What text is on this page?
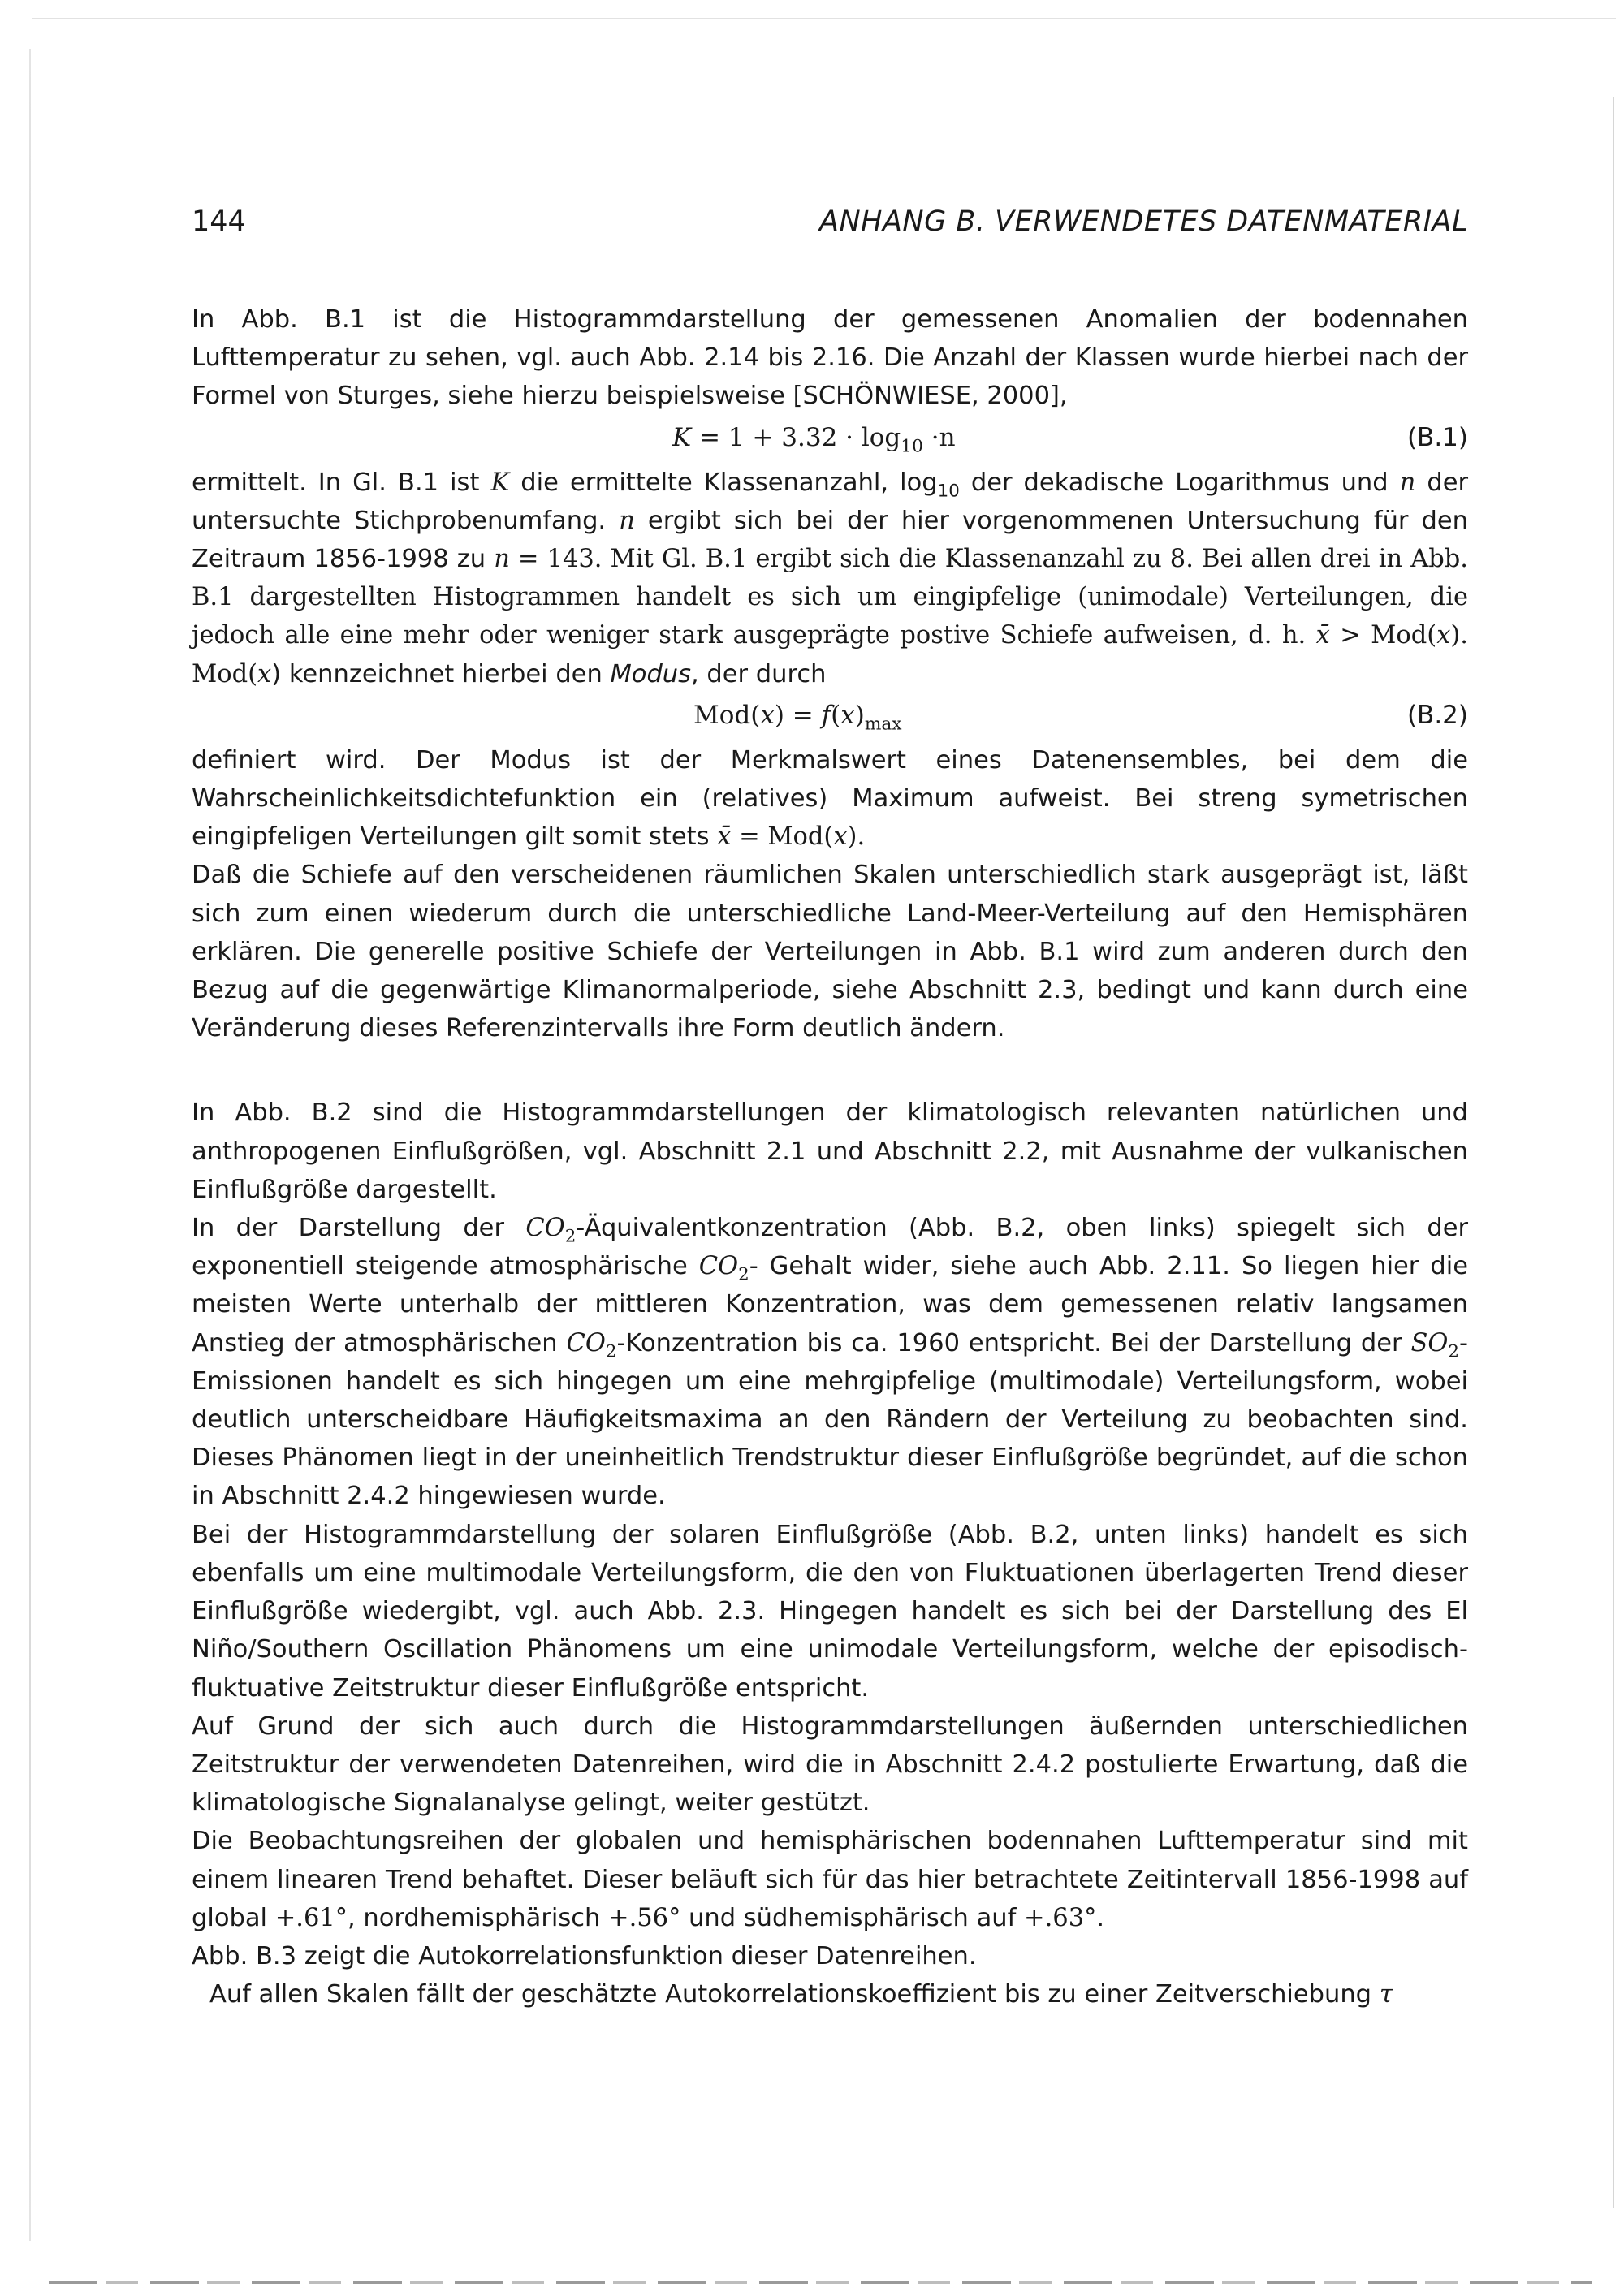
144	ANHANG B. VERWENDETES DATENMATERIAL

In Abb. B.1 ist die Histogrammdarstellung der gemessenen Anomalien der bodennahen Lufttemperatur zu sehen, vgl. auch Abb. 2.14 bis 2.16. Die Anzahl der Klassen wurde hierbei nach der Formel von Sturges, siehe hierzu beispielsweise [SCHÖNWIESE, 2000],

$K = 1 + 3.32 \cdot \log_{10} \cdot n$	(B.1)

ermittelt. In Gl. B.1 ist K die ermittelte Klassenanzahl, $\log_{10}$ der dekadische Logarithmus und n der untersuchte Stichprobenumfang. n ergibt sich bei der hier vorgenommenen Untersuchung für den Zeitraum 1856-1998 zu n = 143. Mit Gl. B.1 ergibt sich die Klassenanzahl zu 8. Bei allen drei in Abb. B.1 dargestellten Histogrammen handelt es sich um eingipfelige (unimodale) Verteilungen, die jedoch alle eine mehr oder weniger stark ausgeprägte postive Schiefe aufweisen, d. h. x̄ > Mod(x). Mod(x) kennzeichnet hierbei den Modus, der durch

$Mod(x) = f(x)_{max}$	(B.2)

definiert wird. Der Modus ist der Merkmalswert eines Datenensembles, bei dem die Wahrscheinlichkeitsdichtefunktion ein (relatives) Maximum aufweist. Bei streng symetrischen eingipfeligen Verteilungen gilt somit stets x̄ = Mod(x).

Daß die Schiefe auf den verscheidenen räumlichen Skalen unterschiedlich stark ausgeprägt ist, läßt sich zum einen wiederum durch die unterschiedliche Land-Meer-Verteilung auf den Hemisphären erklären. Die generelle positive Schiefe der Verteilungen in Abb. B.1 wird zum anderen durch den Bezug auf die gegenwärtige Klimanormalperiode, siehe Abschnitt 2.3, bedingt und kann durch eine Veränderung dieses Referenzintervalls ihre Form deutlich ändern.

In Abb. B.2 sind die Histogrammdarstellungen der klimatologisch relevanten natürlichen und anthropogenen Einflußgrößen, vgl. Abschnitt 2.1 und Abschnitt 2.2, mit Ausnahme der vulkanischen Einflußgröße dargestellt.

In der Darstellung der $CO_2$-Äquivalentkonzentration (Abb. B.2, oben links) spiegelt sich der exponentiell steigende atmosphärische $CO_2-$ Gehalt wider, siehe auch Abb. 2.11. So liegen hier die meisten Werte unterhalb der mittleren Konzentration, was dem gemessenen relativ langsamen Anstieg der atmosphärischen $CO_2$-Konzentration bis ca. 1960 entspricht. Bei der Darstellung der $SO_2$-Emissionen handelt es sich hingegen um eine mehrgipfelige (multimodale) Verteilungsform, wobei deutlich unterscheidbare Häufigkeitsmaxima an den Rändern der Verteilung zu beobachten sind. Dieses Phänomen liegt in der uneinheitlich Trendstruktur dieser Einflußgröße begründet, auf die schon in Abschnitt 2.4.2 hingewiesen wurde.

Bei der Histogrammdarstellung der solaren Einflußgröße (Abb. B.2, unten links) handelt es sich ebenfalls um eine multimodale Verteilungsform, die den von Fluktuationen überlagerten Trend dieser Einflußgröße wiedergibt, vgl. auch Abb. 2.3. Hingegen handelt es sich bei der Darstellung des El Niño/Southern Oscillation Phänomens um eine unimodale Verteilungsform, welche der episodisch-fluktuative Zeitstruktur dieser Einflußgröße entspricht.

Auf Grund der sich auch durch die Histogrammdarstellungen äußernden unterschiedlichen Zeitstruktur der verwendeten Datenreihen, wird die in Abschnitt 2.4.2 postulierte Erwartung, daß die klimatologische Signalanalyse gelingt, weiter gestützt.

Die Beobachtungsreihen der globalen und hemisphärischen bodennahen Lufttemperatur sind mit einem linearen Trend behaftet. Dieser beläuft sich für das hier betrachtete Zeitintervall 1856-1998 auf global +.61°, nordhemisphärisch +.56° und südhemisphärisch auf +.63°.

Abb. B.3 zeigt die Autokorrelationsfunktion dieser Datenreihen.

Auf allen Skalen fällt der geschätzte Autokorrelationskoeffizient bis zu einer Zeitverschiebung τ
